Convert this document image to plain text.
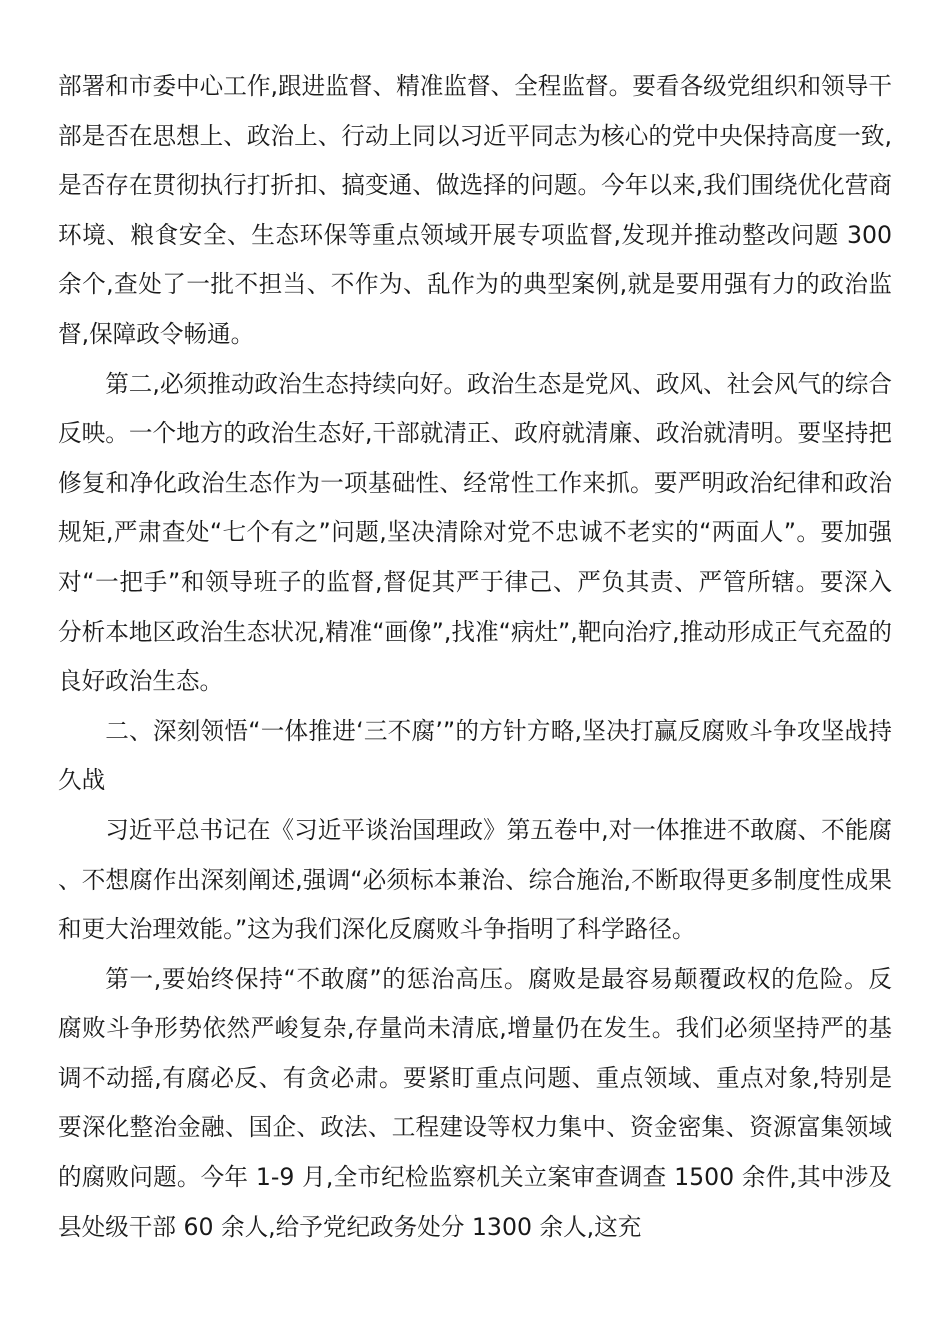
部署和市委中心工作,跟进监督、精准监督、全程监督。要看各级党组织和领导干部是否在思想上、政治上、行动上同以习近平同志为核心的党中央保持高度一致,是否存在贯彻执行打折扣、搞变通、做选择的问题。今年以来,我们围绕优化营商环境、粮食安全、生态环保等重点领域开展专项监督,发现并推动整改问题 300 余个,查处了一批不担当、不作为、乱作为的典型案例,就是要用强有力的政治监督,保障政令畅通。

第二,必须推动政治生态持续向好。政治生态是党风、政风、社会风气的综合反映。一个地方的政治生态好,干部就清正、政府就清廉、政治就清明。要坚持把修复和净化政治生态作为一项基础性、经常性工作来抓。要严明政治纪律和政治规矩,严肃查处“七个有之”问题,坚决清除对党不忠诚不老实的“两面人”。要加强对“一把手”和领导班子的监督,督促其严于律己、严负其责、严管所辖。要深入分析本地区政治生态状况,精准“画像”,找准“病灶”,靶向治疗,推动形成正气充盈的良好政治生态。

二、深刻领悟“一体推进‘三不腐’”的方针方略,坚决打赢反腐败斗争攻坚战持久战

习近平总书记在《习近平谈治国理政》第五卷中,对一体推进不敢腐、不能腐、不想腐作出深刻阐述,强调“必须标本兼治、综合施治,不断取得更多制度性成果和更大治理效能。”这为我们深化反腐败斗争指明了科学路径。

第一,要始终保持“不敢腐”的惩治高压。腐败是最容易颠覆政权的危险。反腐败斗争形势依然严峻复杂,存量尚未清底,增量仍在发生。我们必须坚持严的基调不动摇,有腐必反、有贪必肃。要紧盯重点问题、重点领域、重点对象,特别是要深化整治金融、国企、政法、工程建设等权力集中、资金密集、资源富集领域的腐败问题。今年 1-9 月,全市纪检监察机关立案审查调查 1500 余件,其中涉及县处级干部 60 余人,给予党纪政务处分 1300 余人,这充
